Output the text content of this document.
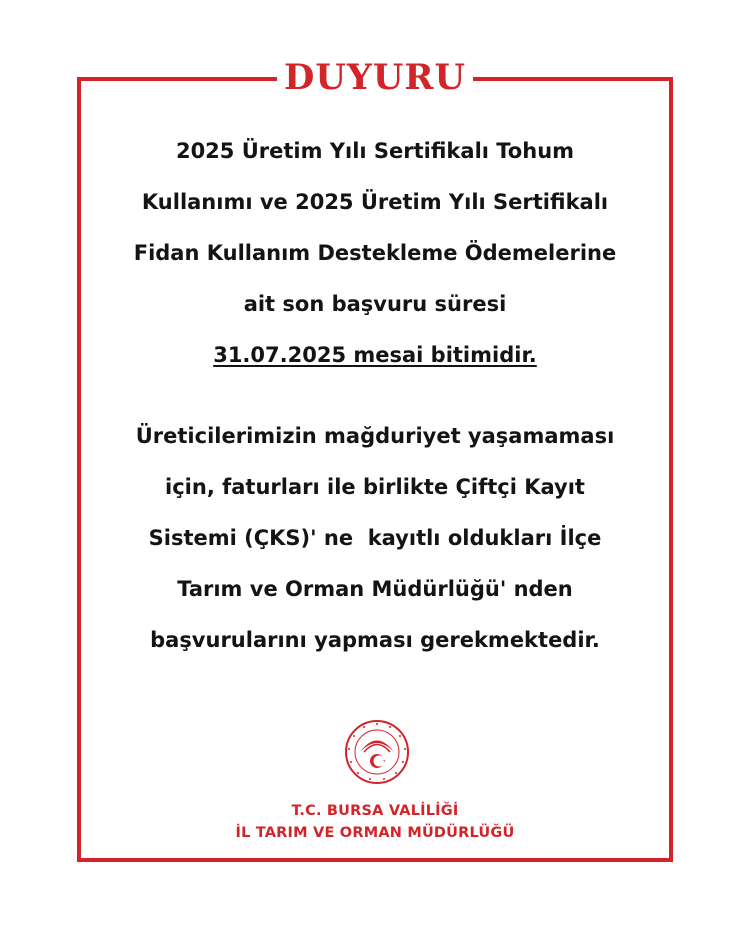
DUYURU
2025 Üretim Yılı Sertifikalı Tohum
Kullanımı ve 2025 Üretim Yılı Sertifikalı
Fidan Kullanım Destekleme Ödemelerine
ait son başvuru süresi
31.07.2025 mesai bitimidir.
Üreticilerimizin mağduriyet yaşamaması
için, faturları ile birlikte Çiftçi Kayıt
Sistemi (ÇKS)' ne  kayıtlı oldukları İlçe
Tarım ve Orman Müdürlüğü' nden
başvurularını yapması gerekmektedir.
T.C. BURSA VALİLİĞİ
İL TARIM VE ORMAN MÜDÜRLÜĞÜ
